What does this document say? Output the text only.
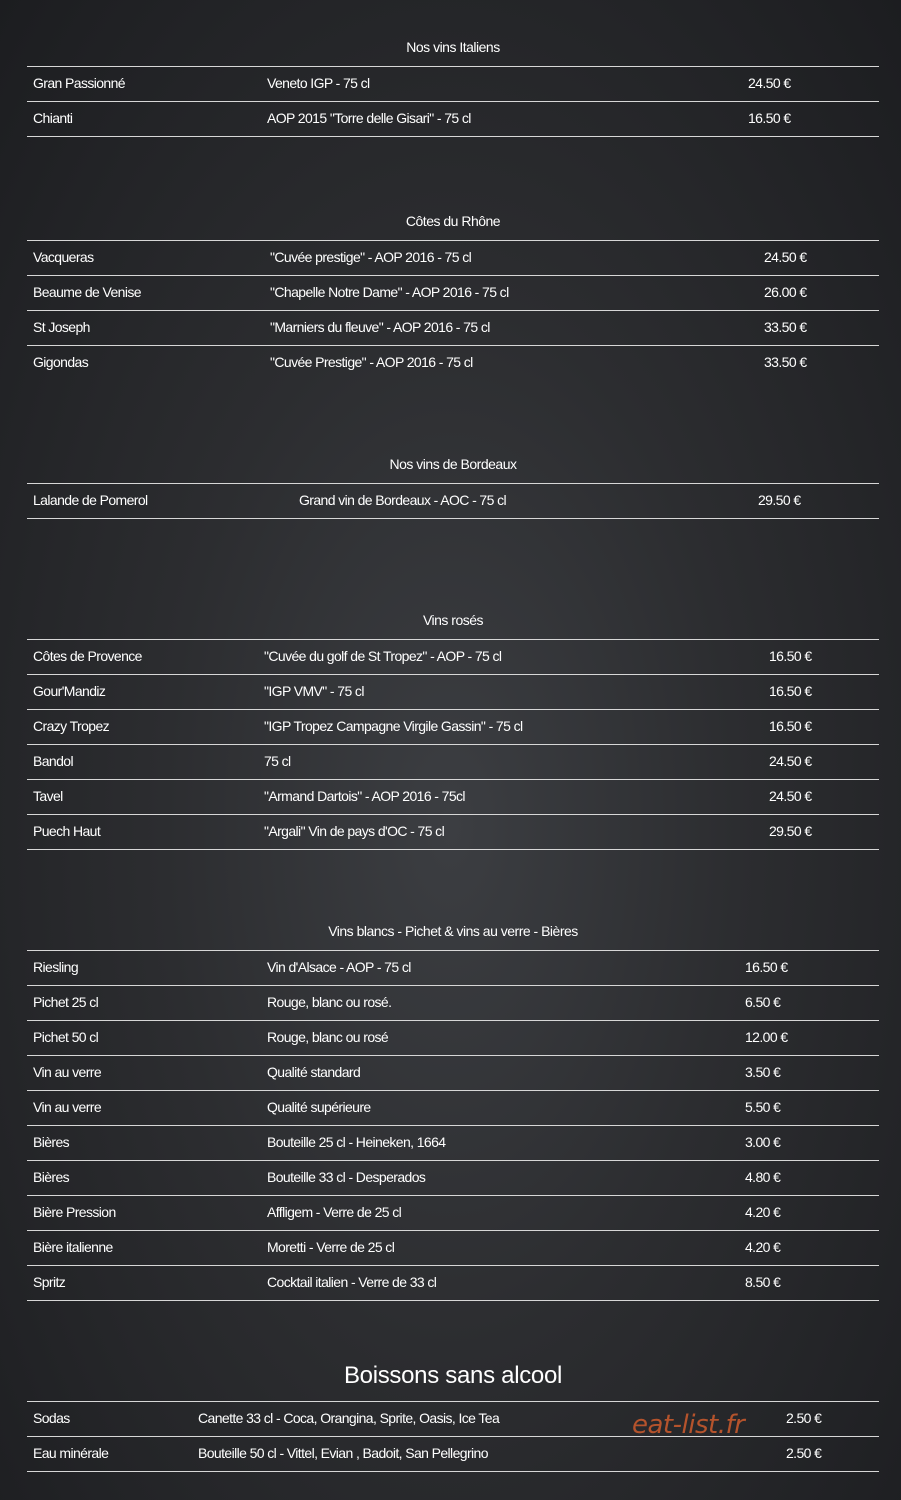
Nos vins Italiens
Gran Passionné	Veneto IGP - 75 cl	24.50 €
Chianti	AOP 2015 "Torre delle Gisari" - 75 cl	16.50 €
Côtes du Rhône
Vacqueras	"Cuvée prestige" - AOP 2016 - 75 cl	24.50 €
Beaume de Venise	"Chapelle Notre Dame" - AOP 2016 - 75 cl	26.00 €
St Joseph	"Marniers du fleuve" - AOP 2016 - 75 cl	33.50 €
Gigondas	"Cuvée Prestige" - AOP 2016 - 75 cl	33.50 €
Nos vins de Bordeaux
Lalande de Pomerol	Grand vin de Bordeaux - AOC - 75 cl	29.50 €
Vins rosés
Côtes de Provence	"Cuvée du golf de St Tropez" - AOP - 75 cl	16.50 €
Gour'Mandiz	"IGP VMV" - 75 cl	16.50 €
Crazy Tropez	"IGP Tropez Campagne Virgile Gassin" - 75 cl	16.50 €
Bandol	75 cl	24.50 €
Tavel	"Armand Dartois" - AOP 2016 - 75cl	24.50 €
Puech Haut	"Argali" Vin de pays d'OC - 75 cl	29.50 €
Vins blancs - Pichet & vins au verre - Bières
Riesling	Vin d'Alsace - AOP - 75 cl	16.50 €
Pichet 25 cl	Rouge, blanc ou rosé.	6.50 €
Pichet 50 cl	Rouge, blanc ou rosé	12.00 €
Vin au verre	Qualité standard	3.50 €
Vin au verre	Qualité supérieure	5.50 €
Bières	Bouteille 25 cl - Heineken, 1664	3.00 €
Bières	Bouteille 33 cl - Desperados	4.80 €
Bière Pression	Affligem - Verre de 25 cl	4.20 €
Bière italienne	Moretti - Verre de 25 cl	4.20 €
Spritz	Cocktail italien - Verre de 33 cl	8.50 €
Boissons sans alcool
Sodas	Canette 33 cl - Coca, Orangina, Sprite, Oasis, Ice Tea	2.50 €
Eau minérale	Bouteille 50 cl - Vittel, Evian , Badoit, San Pellegrino	2.50 €
eat-list.fr
